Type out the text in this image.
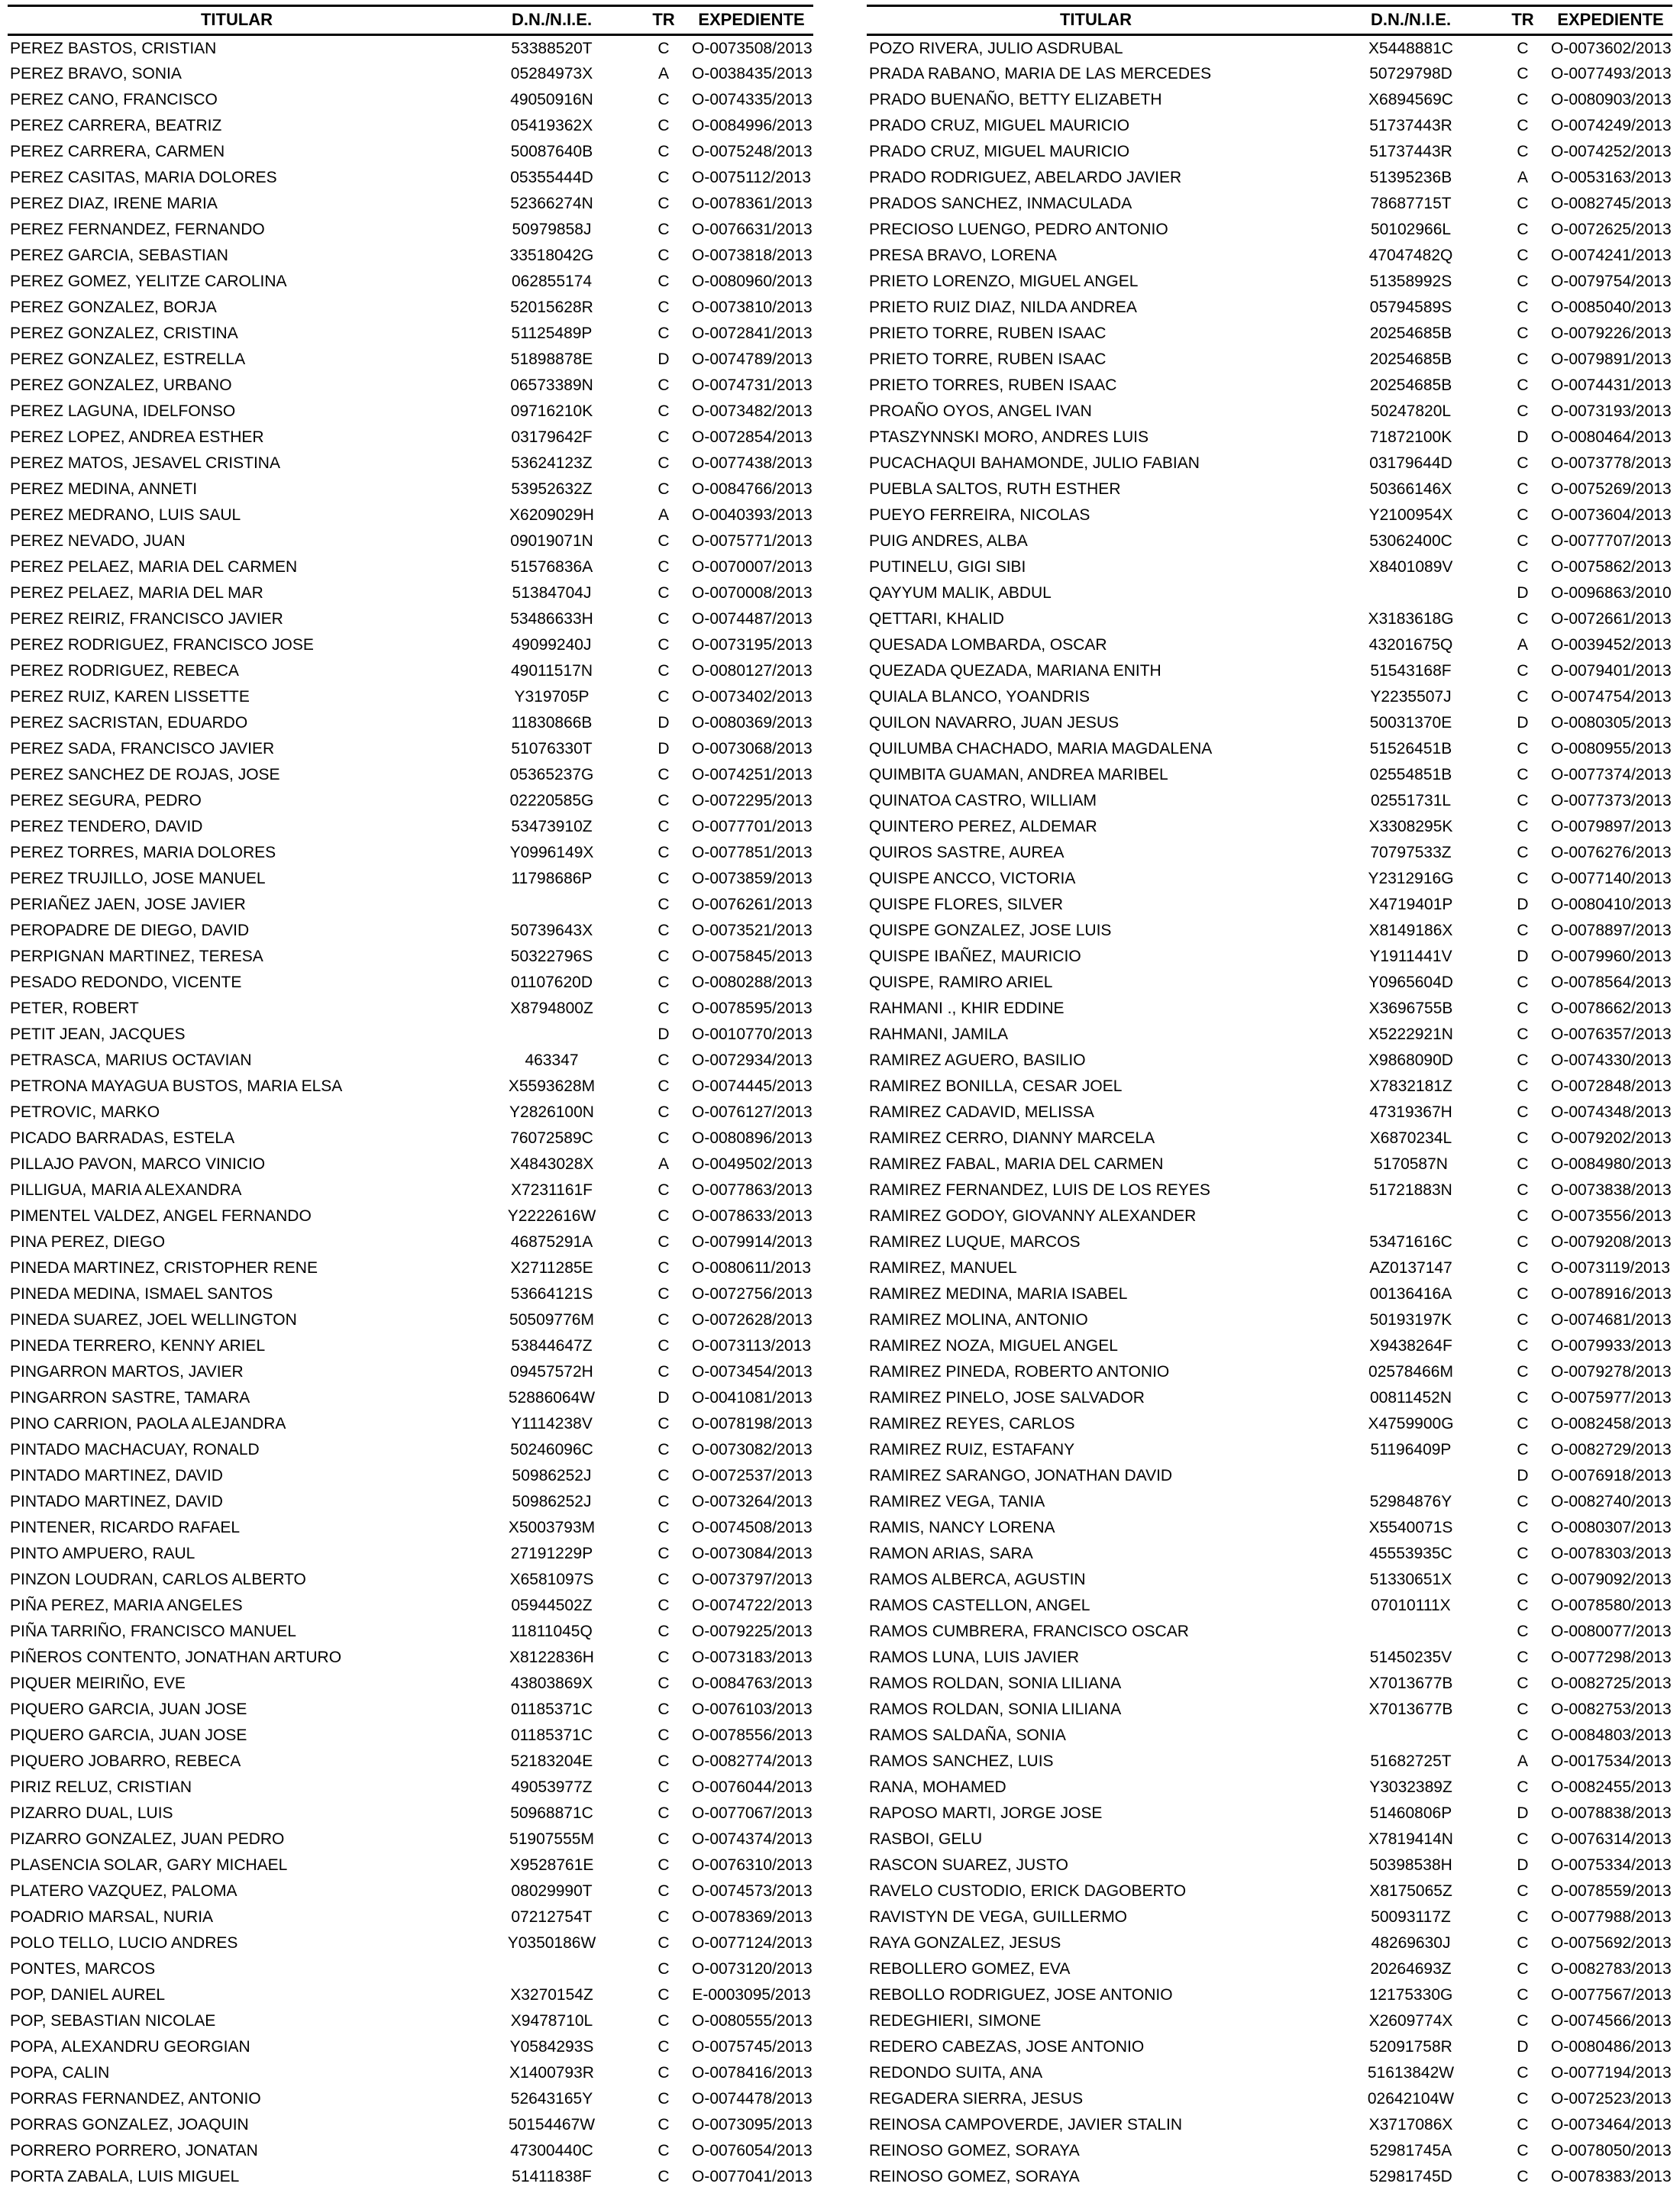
TITULAR	D.N./N.I.E.	TR	EXPEDIENTE
PEREZ BASTOS, CRISTIAN	53388520T	C	O-0073508/2013
PEREZ BRAVO, SONIA	05284973X	A	O-0038435/2013
PEREZ CANO, FRANCISCO	49050916N	C	O-0074335/2013
PEREZ CARRERA, BEATRIZ	05419362X	C	O-0084996/2013
PEREZ CARRERA, CARMEN	50087640B	C	O-0075248/2013
PEREZ CASITAS, MARIA DOLORES	05355444D	C	O-0075112/2013
PEREZ DIAZ, IRENE MARIA	52366274N	C	O-0078361/2013
PEREZ FERNANDEZ, FERNANDO	50979858J	C	O-0076631/2013
PEREZ GARCIA, SEBASTIAN	33518042G	C	O-0073818/2013
PEREZ GOMEZ, YELITZE CAROLINA	062855174	C	O-0080960/2013
PEREZ GONZALEZ, BORJA	52015628R	C	O-0073810/2013
PEREZ GONZALEZ, CRISTINA	51125489P	C	O-0072841/2013
PEREZ GONZALEZ, ESTRELLA	51898878E	D	O-0074789/2013
PEREZ GONZALEZ, URBANO	06573389N	C	O-0074731/2013
PEREZ LAGUNA, IDELFONSO	09716210K	C	O-0073482/2013
PEREZ LOPEZ, ANDREA ESTHER	03179642F	C	O-0072854/2013
PEREZ MATOS, JESAVEL CRISTINA	53624123Z	C	O-0077438/2013
PEREZ MEDINA, ANNETI	53952632Z	C	O-0084766/2013
PEREZ MEDRANO, LUIS SAUL	X6209029H	A	O-0040393/2013
PEREZ NEVADO, JUAN	09019071N	C	O-0075771/2013
PEREZ PELAEZ, MARIA DEL CARMEN	51576836A	C	O-0070007/2013
PEREZ PELAEZ, MARIA DEL MAR	51384704J	C	O-0070008/2013
PEREZ REIRIZ, FRANCISCO JAVIER	53486633H	C	O-0074487/2013
PEREZ RODRIGUEZ, FRANCISCO JOSE	49099240J	C	O-0073195/2013
PEREZ RODRIGUEZ, REBECA	49011517N	C	O-0080127/2013
PEREZ RUIZ, KAREN LISSETTE	Y319705P	C	O-0073402/2013
PEREZ SACRISTAN, EDUARDO	11830866B	D	O-0080369/2013
PEREZ SADA, FRANCISCO JAVIER	51076330T	D	O-0073068/2013
PEREZ SANCHEZ DE ROJAS, JOSE	05365237G	C	O-0074251/2013
PEREZ SEGURA, PEDRO	02220585G	C	O-0072295/2013
PEREZ TENDERO, DAVID	53473910Z	C	O-0077701/2013
PEREZ TORRES, MARIA DOLORES	Y0996149X	C	O-0077851/2013
PEREZ TRUJILLO, JOSE MANUEL	11798686P	C	O-0073859/2013
PERIAÑEZ JAEN, JOSE JAVIER		C	O-0076261/2013
PEROPADRE DE DIEGO, DAVID	50739643X	C	O-0073521/2013
PERPIGNAN MARTINEZ, TERESA	50322796S	C	O-0075845/2013
PESADO REDONDO, VICENTE	01107620D	C	O-0080288/2013
PETER, ROBERT	X8794800Z	C	O-0078595/2013
PETIT JEAN, JACQUES		D	O-0010770/2013
PETRASCA, MARIUS OCTAVIAN	463347	C	O-0072934/2013
PETRONA MAYAGUA BUSTOS, MARIA ELSA	X5593628M	C	O-0074445/2013
PETROVIC, MARKO	Y2826100N	C	O-0076127/2013
PICADO BARRADAS, ESTELA	76072589C	C	O-0080896/2013
PILLAJO PAVON, MARCO VINICIO	X4843028X	A	O-0049502/2013
PILLIGUA, MARIA ALEXANDRA	X7231161F	C	O-0077863/2013
PIMENTEL VALDEZ, ANGEL FERNANDO	Y2222616W	C	O-0078633/2013
PINA PEREZ, DIEGO	46875291A	C	O-0079914/2013
PINEDA MARTINEZ, CRISTOPHER RENE	X2711285E	C	O-0080611/2013
PINEDA MEDINA, ISMAEL SANTOS	53664121S	C	O-0072756/2013
PINEDA SUAREZ, JOEL WELLINGTON	50509776M	C	O-0072628/2013
PINEDA TERRERO, KENNY ARIEL	53844647Z	C	O-0073113/2013
PINGARRON MARTOS, JAVIER	09457572H	C	O-0073454/2013
PINGARRON SASTRE, TAMARA	52886064W	D	O-0041081/2013
PINO CARRION, PAOLA ALEJANDRA	Y1114238V	C	O-0078198/2013
PINTADO MACHACUAY, RONALD	50246096C	C	O-0073082/2013
PINTADO MARTINEZ, DAVID	50986252J	C	O-0072537/2013
PINTADO MARTINEZ, DAVID	50986252J	C	O-0073264/2013
PINTENER, RICARDO RAFAEL	X5003793M	C	O-0074508/2013
PINTO AMPUERO, RAUL	27191229P	C	O-0073084/2013
PINZON LOUDRAN, CARLOS ALBERTO	X6581097S	C	O-0073797/2013
PIÑA PEREZ, MARIA ANGELES	05944502Z	C	O-0074722/2013
PIÑA TARRIÑO, FRANCISCO MANUEL	11811045Q	C	O-0079225/2013
PIÑEROS CONTENTO, JONATHAN ARTURO	X8122836H	C	O-0073183/2013
PIQUER MEIRIÑO, EVE	43803869X	C	O-0084763/2013
PIQUERO GARCIA, JUAN JOSE	01185371C	C	O-0076103/2013
PIQUERO GARCIA, JUAN JOSE	01185371C	C	O-0078556/2013
PIQUERO JOBARRO, REBECA	52183204E	C	O-0082774/2013
PIRIZ RELUZ, CRISTIAN	49053977Z	C	O-0076044/2013
PIZARRO DUAL, LUIS	50968871C	C	O-0077067/2013
PIZARRO GONZALEZ, JUAN PEDRO	51907555M	C	O-0074374/2013
PLASENCIA SOLAR, GARY MICHAEL	X9528761E	C	O-0076310/2013
PLATERO VAZQUEZ, PALOMA	08029990T	C	O-0074573/2013
POADRIO MARSAL, NURIA	07212754T	C	O-0078369/2013
POLO TELLO, LUCIO ANDRES	Y0350186W	C	O-0077124/2013
PONTES, MARCOS		C	O-0073120/2013
POP, DANIEL AUREL	X3270154Z	C	E-0003095/2013
POP, SEBASTIAN NICOLAE	X9478710L	C	O-0080555/2013
POPA, ALEXANDRU GEORGIAN	Y0584293S	C	O-0075745/2013
POPA, CALIN	X1400793R	C	O-0078416/2013
PORRAS FERNANDEZ, ANTONIO	52643165Y	C	O-0074478/2013
PORRAS GONZALEZ, JOAQUIN	50154467W	C	O-0073095/2013
PORRERO PORRERO, JONATAN	47300440C	C	O-0076054/2013
PORTA ZABALA, LUIS MIGUEL	51411838F	C	O-0077041/2013
TITULAR	D.N./N.I.E.	TR	EXPEDIENTE
POZO RIVERA, JULIO ASDRUBAL	X5448881C	C	O-0073602/2013
PRADA RABANO, MARIA DE LAS MERCEDES	50729798D	C	O-0077493/2013
PRADO BUENAÑO, BETTY ELIZABETH	X6894569C	C	O-0080903/2013
PRADO CRUZ, MIGUEL MAURICIO	51737443R	C	O-0074249/2013
PRADO CRUZ, MIGUEL MAURICIO	51737443R	C	O-0074252/2013
PRADO RODRIGUEZ, ABELARDO JAVIER	51395236B	A	O-0053163/2013
PRADOS SANCHEZ, INMACULADA	78687715T	C	O-0082745/2013
PRECIOSO LUENGO, PEDRO ANTONIO	50102966L	C	O-0072625/2013
PRESA BRAVO, LORENA	47047482Q	C	O-0074241/2013
PRIETO LORENZO, MIGUEL ANGEL	51358992S	C	O-0079754/2013
PRIETO RUIZ DIAZ, NILDA ANDREA	05794589S	C	O-0085040/2013
PRIETO TORRE, RUBEN ISAAC	20254685B	C	O-0079226/2013
PRIETO TORRE, RUBEN ISAAC	20254685B	C	O-0079891/2013
PRIETO TORRES, RUBEN ISAAC	20254685B	C	O-0074431/2013
PROAÑO OYOS, ANGEL IVAN	50247820L	C	O-0073193/2013
PTASZYNNSKI MORO, ANDRES LUIS	71872100K	D	O-0080464/2013
PUCACHAQUI BAHAMONDE, JULIO FABIAN	03179644D	C	O-0073778/2013
PUEBLA SALTOS, RUTH ESTHER	50366146X	C	O-0075269/2013
PUEYO FERREIRA, NICOLAS	Y2100954X	C	O-0073604/2013
PUIG ANDRES, ALBA	53062400C	C	O-0077707/2013
PUTINELU, GIGI SIBI	X8401089V	C	O-0075862/2013
QAYYUM MALIK, ABDUL		D	O-0096863/2010
QETTARI, KHALID	X3183618G	C	O-0072661/2013
QUESADA LOMBARDA, OSCAR	43201675Q	A	O-0039452/2013
QUEZADA QUEZADA, MARIANA ENITH	51543168F	C	O-0079401/2013
QUIALA BLANCO, YOANDRIS	Y2235507J	C	O-0074754/2013
QUILON NAVARRO, JUAN JESUS	50031370E	D	O-0080305/2013
QUILUMBA CHACHADO, MARIA MAGDALENA	51526451B	C	O-0080955/2013
QUIMBITA GUAMAN, ANDREA MARIBEL	02554851B	C	O-0077374/2013
QUINATOA CASTRO, WILLIAM	02551731L	C	O-0077373/2013
QUINTERO PEREZ, ALDEMAR	X3308295K	C	O-0079897/2013
QUIROS SASTRE, AUREA	70797533Z	C	O-0076276/2013
QUISPE ANCCO, VICTORIA	Y2312916G	C	O-0077140/2013
QUISPE FLORES, SILVER	X4719401P	D	O-0080410/2013
QUISPE GONZALEZ, JOSE LUIS	X8149186X	C	O-0078897/2013
QUISPE IBAÑEZ, MAURICIO	Y1911441V	D	O-0079960/2013
QUISPE, RAMIRO ARIEL	Y0965604D	C	O-0078564/2013
RAHMANI ., KHIR EDDINE	X3696755B	C	O-0078662/2013
RAHMANI, JAMILA	X5222921N	C	O-0076357/2013
RAMIREZ AGUERO, BASILIO	X9868090D	C	O-0074330/2013
RAMIREZ BONILLA, CESAR JOEL	X7832181Z	C	O-0072848/2013
RAMIREZ CADAVID, MELISSA	47319367H	C	O-0074348/2013
RAMIREZ CERRO, DIANNY MARCELA	X6870234L	C	O-0079202/2013
RAMIREZ FABAL, MARIA DEL CARMEN	5170587N	C	O-0084980/2013
RAMIREZ FERNANDEZ, LUIS DE LOS REYES	51721883N	C	O-0073838/2013
RAMIREZ GODOY, GIOVANNY ALEXANDER		C	O-0073556/2013
RAMIREZ LUQUE, MARCOS	53471616C	C	O-0079208/2013
RAMIREZ, MANUEL	AZ0137147	C	O-0073119/2013
RAMIREZ MEDINA, MARIA ISABEL	00136416A	C	O-0078916/2013
RAMIREZ MOLINA, ANTONIO	50193197K	C	O-0074681/2013
RAMIREZ NOZA, MIGUEL ANGEL	X9438264F	C	O-0079933/2013
RAMIREZ PINEDA, ROBERTO ANTONIO	02578466M	C	O-0079278/2013
RAMIREZ PINELO, JOSE SALVADOR	00811452N	C	O-0075977/2013
RAMIREZ REYES, CARLOS	X4759900G	C	O-0082458/2013
RAMIREZ RUIZ, ESTAFANY	51196409P	C	O-0082729/2013
RAMIREZ SARANGO, JONATHAN DAVID		D	O-0076918/2013
RAMIREZ VEGA, TANIA	52984876Y	C	O-0082740/2013
RAMIS, NANCY LORENA	X5540071S	C	O-0080307/2013
RAMON ARIAS, SARA	45553935C	C	O-0078303/2013
RAMOS ALBERCA, AGUSTIN	51330651X	C	O-0079092/2013
RAMOS CASTELLON, ANGEL	07010111X	C	O-0078580/2013
RAMOS CUMBRERA, FRANCISCO OSCAR		C	O-0080077/2013
RAMOS LUNA, LUIS JAVIER	51450235V	C	O-0077298/2013
RAMOS ROLDAN, SONIA LILIANA	X7013677B	C	O-0082725/2013
RAMOS ROLDAN, SONIA LILIANA	X7013677B	C	O-0082753/2013
RAMOS SALDAÑA, SONIA		C	O-0084803/2013
RAMOS SANCHEZ, LUIS	51682725T	A	O-0017534/2013
RANA, MOHAMED	Y3032389Z	C	O-0082455/2013
RAPOSO MARTI, JORGE JOSE	51460806P	D	O-0078838/2013
RASBOI, GELU	X7819414N	C	O-0076314/2013
RASCON SUAREZ, JUSTO	50398538H	D	O-0075334/2013
RAVELO CUSTODIO, ERICK DAGOBERTO	X8175065Z	C	O-0078559/2013
RAVISTYN DE VEGA, GUILLERMO	50093117Z	C	O-0077988/2013
RAYA GONZALEZ, JESUS	48269630J	C	O-0075692/2013
REBOLLERO GOMEZ, EVA	20264693Z	C	O-0082783/2013
REBOLLO RODRIGUEZ, JOSE ANTONIO	12175330G	C	O-0077567/2013
REDEGHIERI, SIMONE	X2609774X	C	O-0074566/2013
REDERO CABEZAS, JOSE ANTONIO	52091758R	D	O-0080486/2013
REDONDO SUITA, ANA	51613842W	C	O-0077194/2013
REGADERA SIERRA, JESUS	02642104W	C	O-0072523/2013
REINOSA CAMPOVERDE, JAVIER STALIN	X3717086X	C	O-0073464/2013
REINOSO GOMEZ, SORAYA	52981745A	C	O-0078050/2013
REINOSO GOMEZ, SORAYA	52981745D	C	O-0078383/2013
